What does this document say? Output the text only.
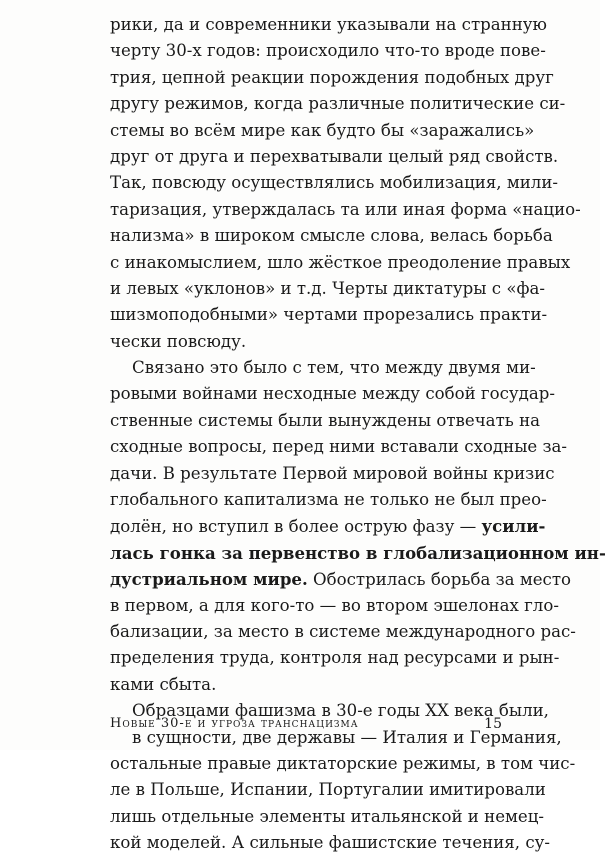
рики, да и современники указывали на странную
черту 30-х годов: происходило что-то вроде пове-
трия, цепной реакции порождения подобных друг
другу режимов, когда различные политические си-
стемы во всём мире как будто бы «заражались»
друг от друга и перехватывали целый ряд свойств.
Так, повсюду осуществлялись мобилизация, мили-
таризация, утверждалась та или иная форма «нацио-
нализма» в широком смысле слова, велась борьба
с инакомыслием, шло жёсткое преодоление правых
и левых «уклонов» и т.д. Черты диктатуры с «фа-
шизмоподобными» чертами прорезались практи-
чески повсюду.
Связано это было с тем, что между двумя ми-
ровыми войнами несходные между собой государ-
ственные системы были вынуждены отвечать на
сходные вопросы, перед ними вставали сходные за-
дачи. В результате Первой мировой войны кризис
глобального капитализма не только не был прео-
долён, но вступил в более острую фазу — усили-
лась гонка за первенство в глобализационном ин-
дустриальном мире. Обострилась борьба за место
в первом, а для кого-то — во втором эшелонах гло-
бализации, за место в системе международного рас-
пределения труда, контроля над ресурсами и рын-
ками сбыта.
Образцами фашизма в 30-е годы XX века были,
в сущности, две державы — Италия и Германия,
остальные правые диктаторские режимы, в том чис-
ле в Польше, Испании, Португалии имитировали
лишь отдельные элементы итальянской и немец-
кой моделей. А сильные фашистские течения, су-
Новые 30-е и угроза транснацизма	15
